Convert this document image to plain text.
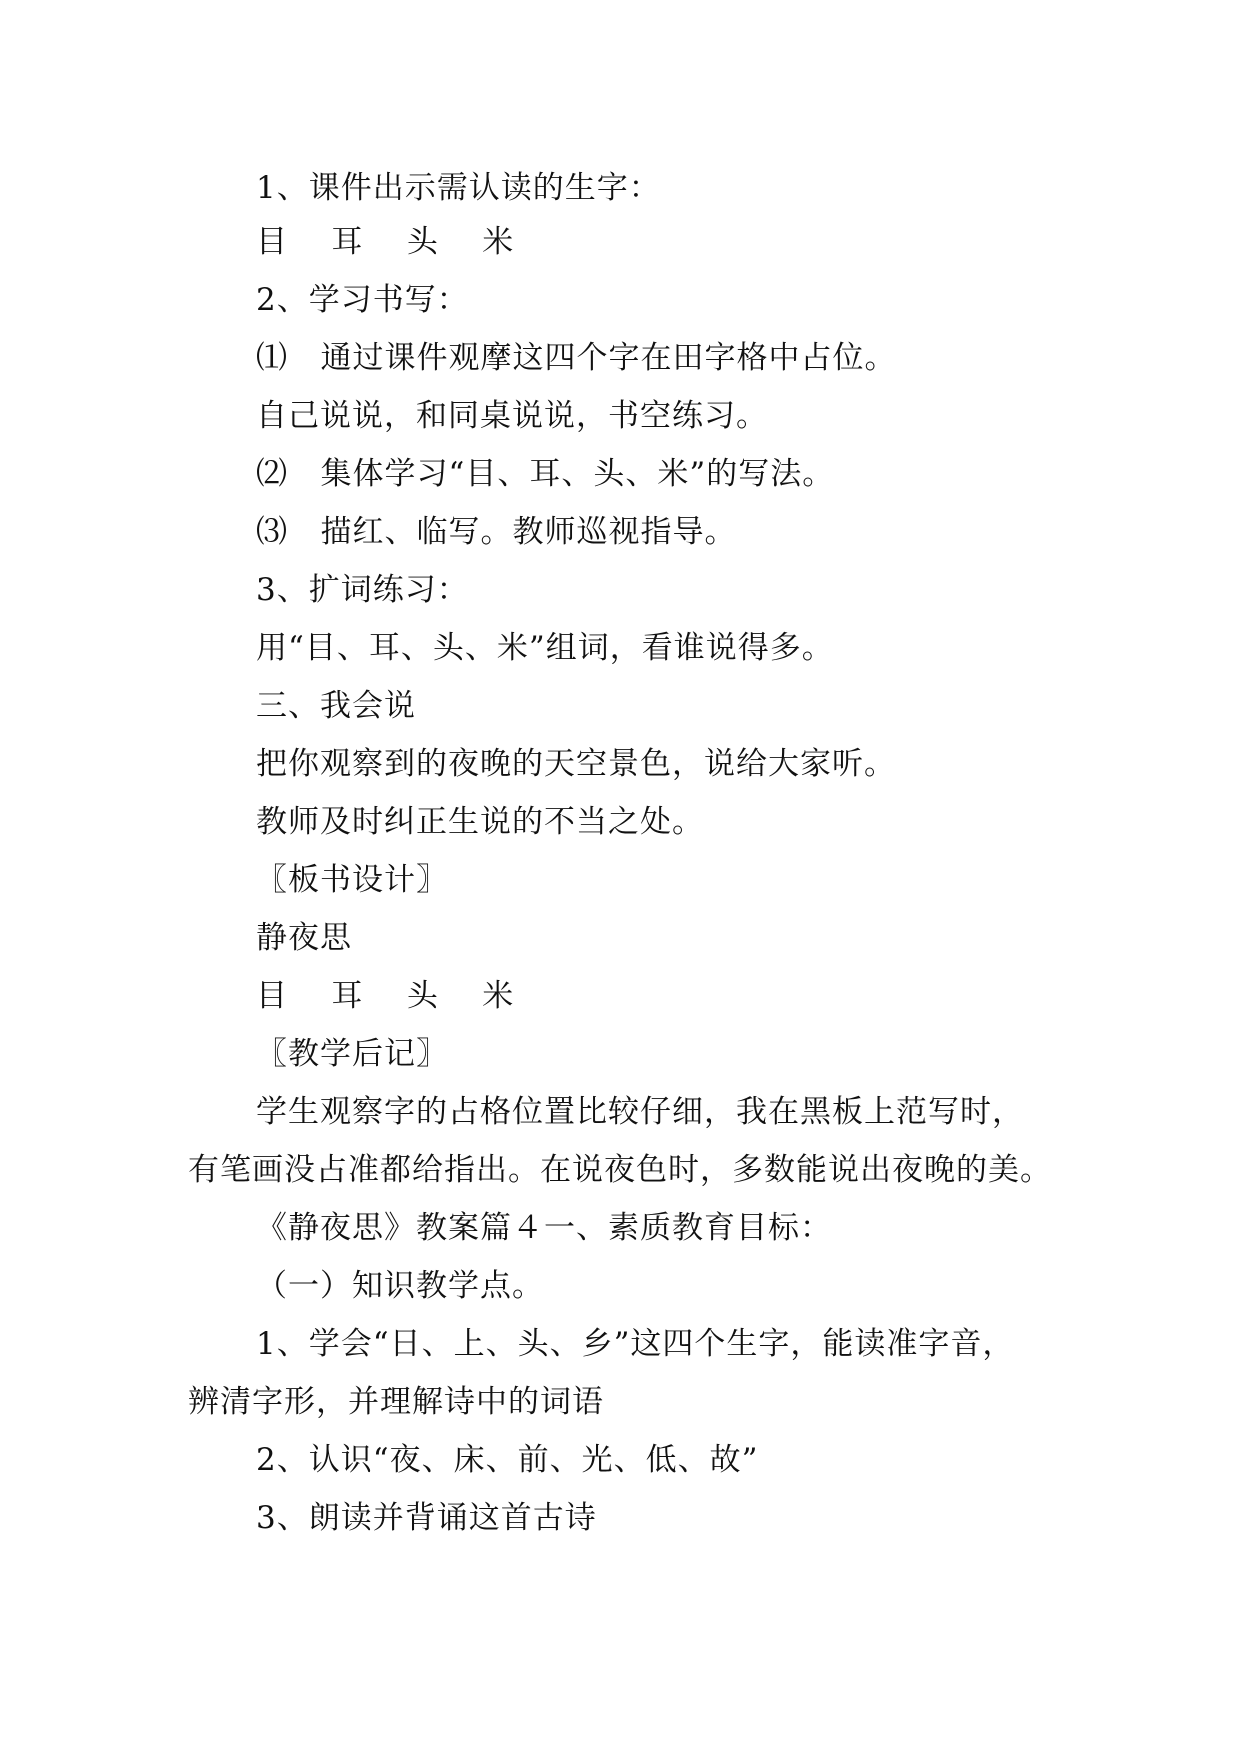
1、课件出示需认读的生字：
目    耳    头    米
2、学习书写：
⑴   通过课件观摩这四个字在田字格中占位。
自己说说，和同桌说说，书空练习。
⑵   集体学习“目、耳、头、米”的写法。
⑶   描红、临写。教师巡视指导。
3、扩词练习：
用“目、耳、头、米”组词，看谁说得多。
三、我会说
把你观察到的夜晚的天空景色，说给大家听。
教师及时纠正生说的不当之处。
〖板书设计〗
静夜思
目    耳    头    米
〖教学后记〗
学生观察字的占格位置比较仔细，我在黑板上范写时，
有笔画没占准都给指出。在说夜色时，多数能说出夜晚的美。
《静夜思》教案篇４一、素质教育目标：
（一）知识教学点。
1、学会“日、上、头、乡”这四个生字，能读准字音，
辨清字形，并理解诗中的词语
2、认识“夜、床、前、光、低、故”
3、朗读并背诵这首古诗
